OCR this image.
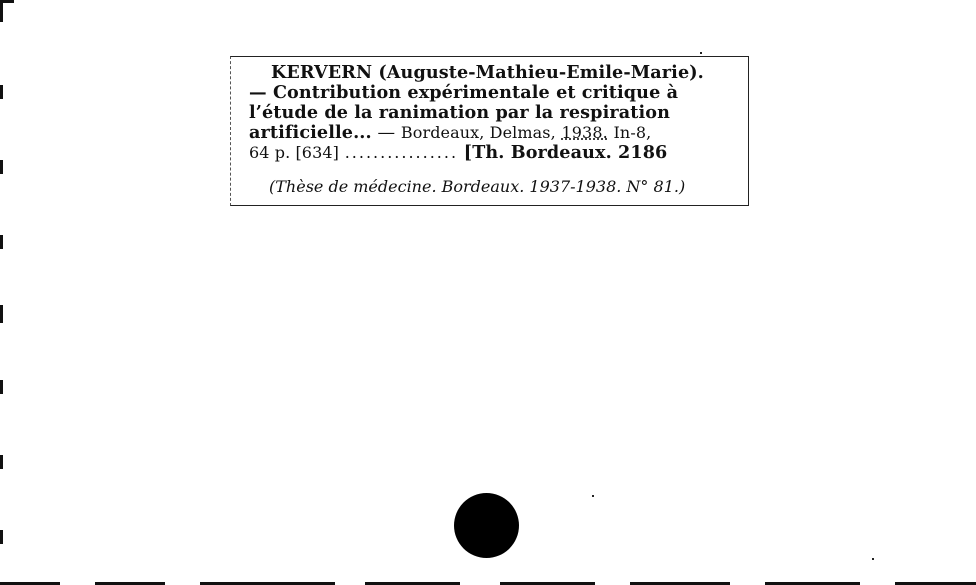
KERVERN (Auguste-Mathieu-Emile-Marie).
— Contribution expérimentale et critique à
l’étude de la ranimation par la respiration
artificielle... — Bordeaux, Delmas, 1938. In-8,
64 p. [634] ................ [Th. Bordeaux. 2186
(Thèse de médecine. Bordeaux. 1937-1938. N° 81.)
